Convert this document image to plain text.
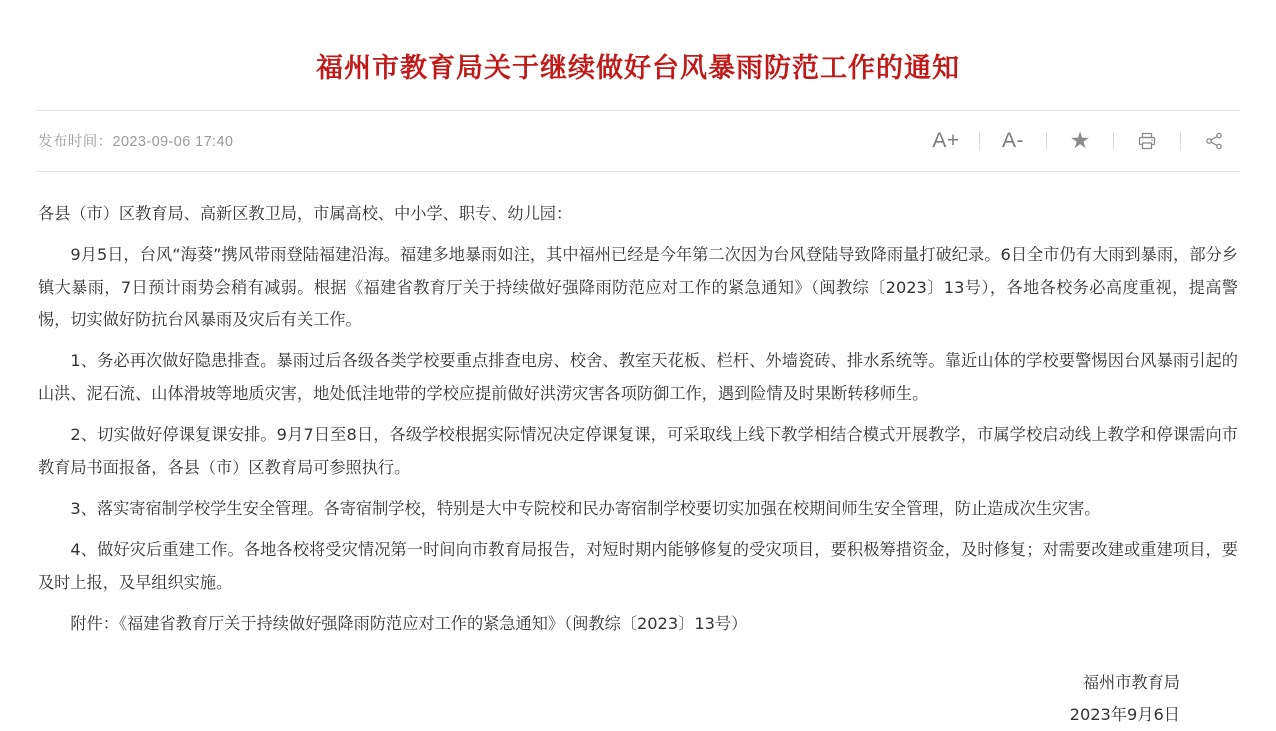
福州市教育局关于继续做好台风暴雨防范工作的通知
发布时间：2023-09-06 17:40	A+	A-	★

各县（市）区教育局、高新区教卫局，市属高校、中小学、职专、幼儿园：

9月5日，台风“海葵”携风带雨登陆福建沿海。福建多地暴雨如注，其中福州已经是今年第二次因为台风登陆导致降雨量打破纪录。6日全市仍有大雨到暴雨，部分乡镇大暴雨，7日预计雨势会稍有减弱。根据《福建省教育厅关于持续做好强降雨防范应对工作的紧急通知》（闽教综〔2023〕13号），各地各校务必高度重视，提高警惕，切实做好防抗台风暴雨及灾后有关工作。

1、务必再次做好隐患排查。暴雨过后各级各类学校要重点排查电房、校舍、教室天花板、栏杆、外墙瓷砖、排水系统等。靠近山体的学校要警惕因台风暴雨引起的山洪、泥石流、山体滑坡等地质灾害，地处低洼地带的学校应提前做好洪涝灾害各项防御工作，遇到险情及时果断转移师生。

2、切实做好停课复课安排。9月7日至8日，各级学校根据实际情况决定停课复课，可采取线上线下教学相结合模式开展教学，市属学校启动线上教学和停课需向市教育局书面报备，各县（市）区教育局可参照执行。

3、落实寄宿制学校学生安全管理。各寄宿制学校，特别是大中专院校和民办寄宿制学校要切实加强在校期间师生安全管理，防止造成次生灾害。

4、做好灾后重建工作。各地各校将受灾情况第一时间向市教育局报告，对短时期内能够修复的受灾项目，要积极筹措资金，及时修复；对需要改建或重建项目，要及时上报，及早组织实施。

附件：《福建省教育厅关于持续做好强降雨防范应对工作的紧急通知》（闽教综〔2023〕13号）

福州市教育局
2023年9月6日
